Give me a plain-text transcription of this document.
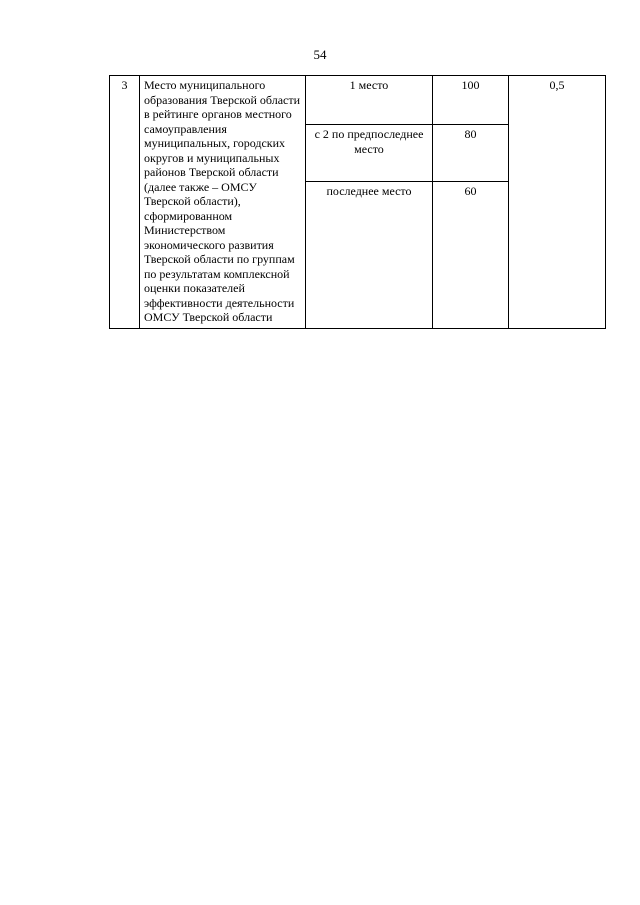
54
3	Место муниципального образования Тверской области в рейтинге органов местного самоуправления муниципальных, городских округов и муниципальных районов Тверской области (далее также – ОМСУ Тверской области), сформированном Министерством экономического развития Тверской области по группам по результатам комплексной оценки показателей эффективности деятельности ОМСУ Тверской области	1 место	100	0,5
		с 2 по предпоследнее место	80	
		последнее место	60	
